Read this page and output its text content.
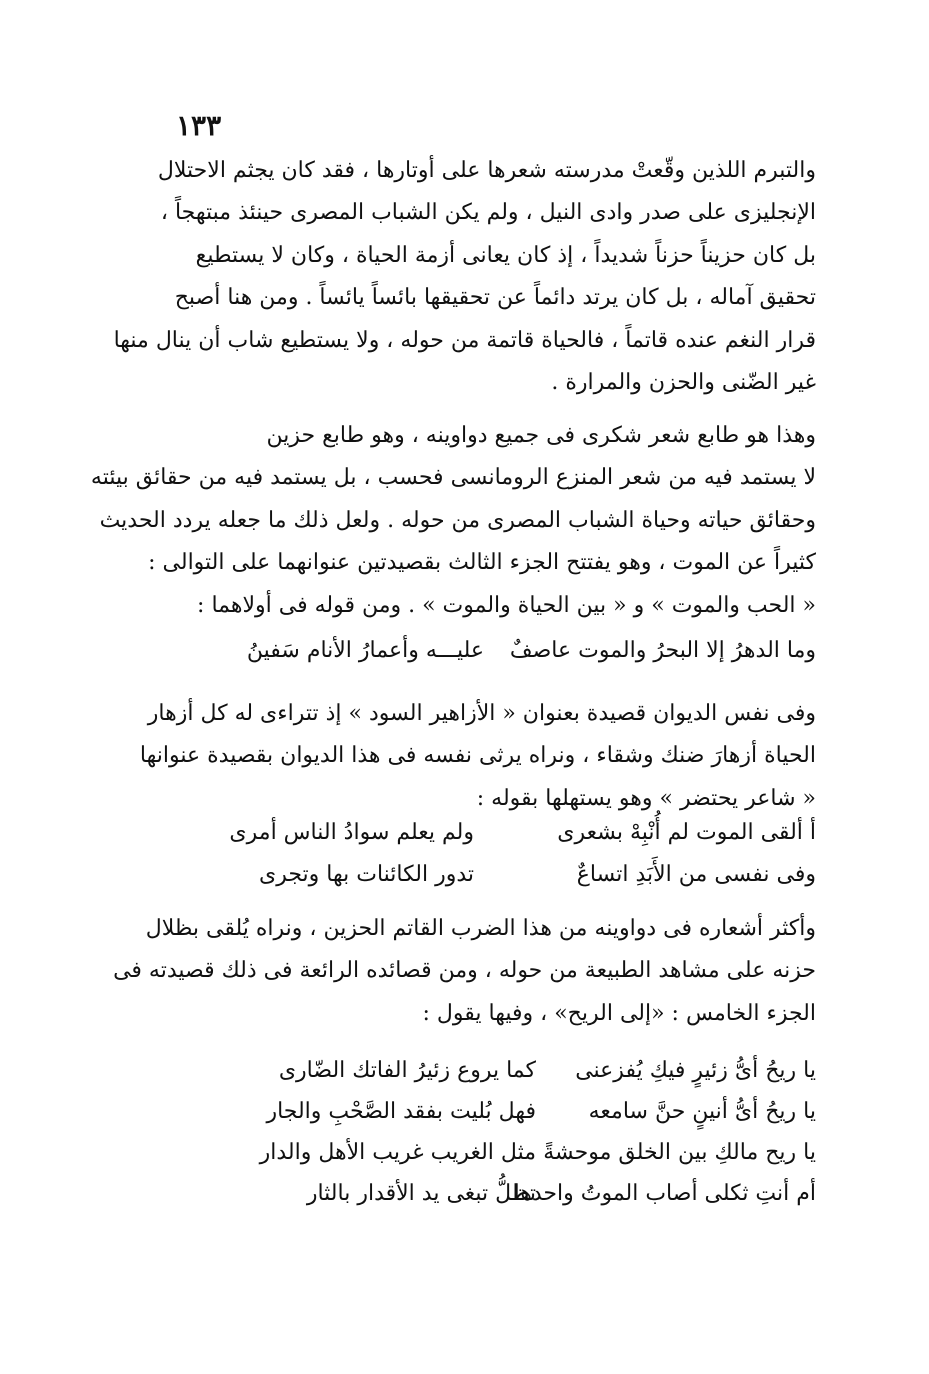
١٣٣
والتبرم اللذين وقّعتْ مدرسته شعرها على أوتارها ، فقد كان يجثم الاحتلال
الإنجليزى على صدر وادى النيل ، ولم يكن الشباب المصرى حينئذ مبتهجاً ،
بل كان حزيناً حزناً شديداً ، إذ كان يعانى أزمة الحياة ، وكان لا يستطيع
تحقيق آماله ، بل كان يرتد دائماً عن تحقيقها بائساً يائساً . ومن هنا أصبح
قرار النغم عنده قاتماً ، فالحياة قاتمة من حوله ، ولا يستطيع شاب أن ينال منها
غير الضّنى والحزن والمرارة .
وهذا هو طابع شعر شكرى فى جميع دواوينه ، وهو طابع حزين
لا يستمد فيه من شعر المنزع الرومانسى فحسب ، بل يستمد فيه من حقائق بيئته
وحقائق حياته وحياة الشباب المصرى من حوله . ولعل ذلك ما جعله يردد الحديث
كثيراً عن الموت ، وهو يفتتح الجزء الثالث بقصيدتين عنوانهما على التوالى :
« الحب والموت » و « بين الحياة والموت » . ومن قوله فى أولاهما :
وما الدهرُ إلا البحرُ والموت عاصفٌ
عليـــه وأعمارُ الأنام سَفينُ
وفى نفس الديوان قصيدة بعنوان « الأزاهير السود » إذ تتراءى له كل أزهار
الحياة أزهارَ ضنك وشقاء ، ونراه يرثى نفسه فى هذا الديوان بقصيدة عنوانها
« شاعر يحتضر » وهو يستهلها بقوله :
أ ألقى الموت لم أُنْبِهْ بشعرى
ولم يعلم سوادُ الناس أمرى
وفى نفسى من الأَبَدِ اتساعٌ
تدور الكائنات بها وتجرى
وأكثر أشعاره فى دواوينه من هذا الضرب القاتم الحزين ، ونراه يُلقى بظلال
حزنه على مشاهد الطبيعة من حوله ، ومن قصائده الرائعة فى ذلك قصيدته فى
الجزء الخامس : «إلى الريح» ، وفيها يقول :
يا ريحُ أىُّ زئيرٍ فيكِ يُفزعنى
كما يروع زئيرُ الفاتك الضّارى
يا ريحُ أىُّ أنينٍ حنَّ سامعه
فهل بُليت بفقد الصَّحْبِ والجار
يا ريح مالكِ بين الخلق موحشةً
مثل الغريب غريب الأهل والدار
أم أنتِ ثكلى أصاب الموتُ واحدها
تظلُّ تبغى يد الأقدار بالثار
